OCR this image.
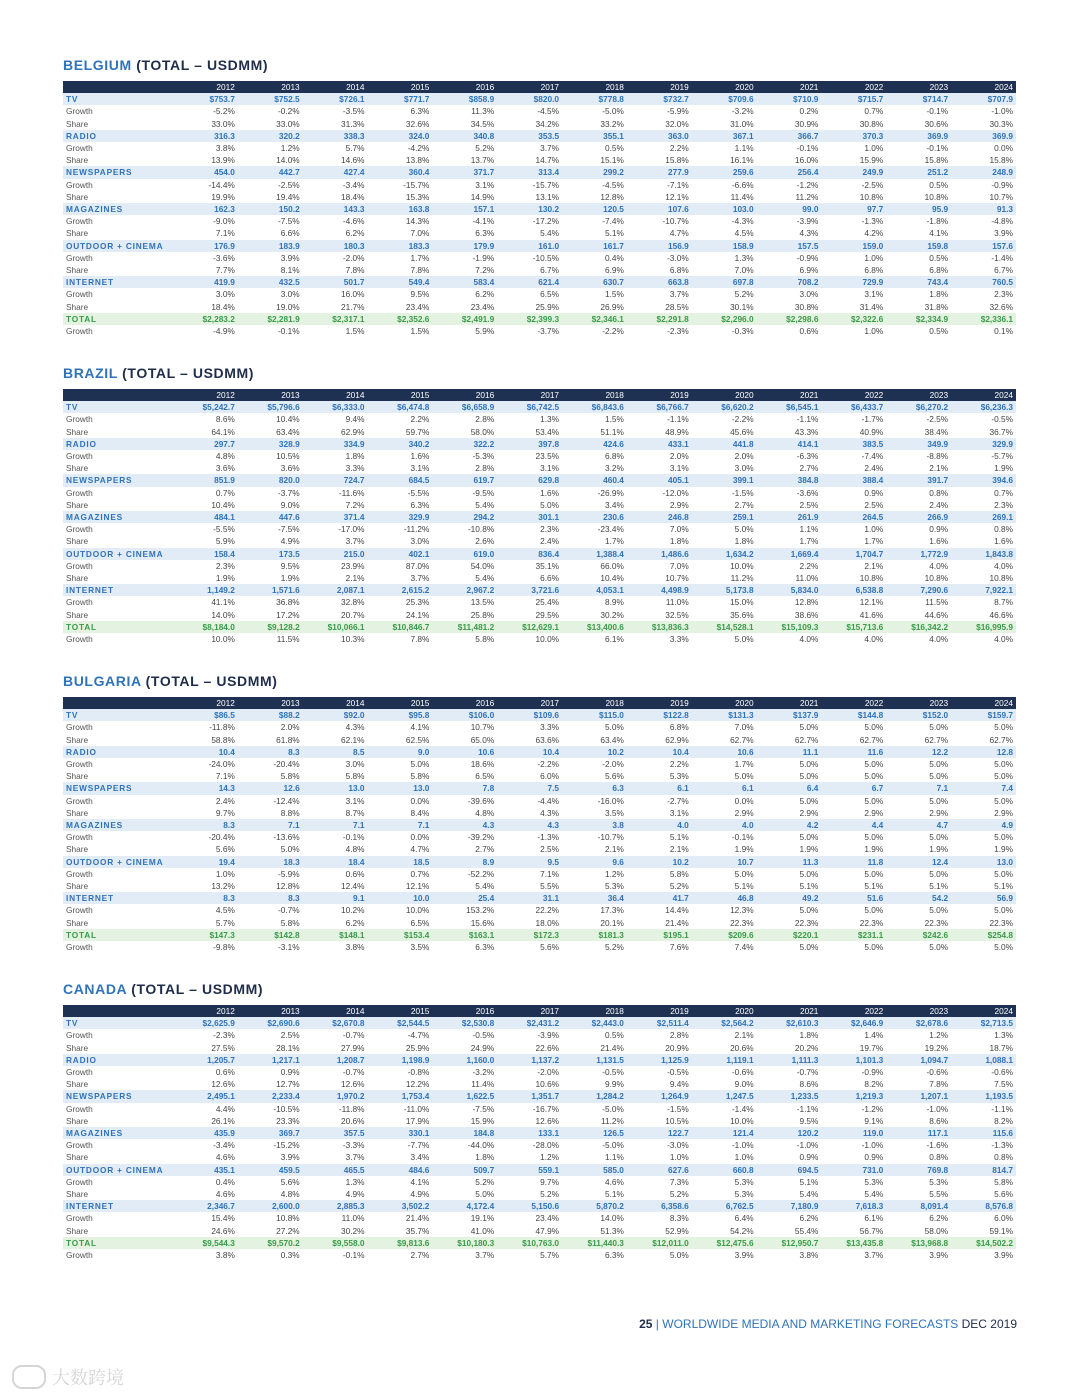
BELGIUM (TOTAL – USDMM)
	2012	2013	2014	2015	2016	2017	2018	2019	2020	2021	2022	2023	2024
TV	$753.7	$752.5	$726.1	$771.7	$858.9	$820.0	$778.8	$732.7	$709.6	$710.9	$715.7	$714.7	$707.9
Growth	-5.2%	-0.2%	-3.5%	6.3%	11.3%	-4.5%	-5.0%	-5.9%	-3.2%	0.2%	0.7%	-0.1%	-1.0%
Share	33.0%	33.0%	31.3%	32.6%	34.5%	34.2%	33.2%	32.0%	31.0%	30.9%	30.8%	30.6%	30.3%
RADIO	316.3	320.2	338.3	324.0	340.8	353.5	355.1	363.0	367.1	366.7	370.3	369.9	369.9
Growth	3.8%	1.2%	5.7%	-4.2%	5.2%	3.7%	0.5%	2.2%	1.1%	-0.1%	1.0%	-0.1%	0.0%
Share	13.9%	14.0%	14.6%	13.8%	13.7%	14.7%	15.1%	15.8%	16.1%	16.0%	15.9%	15.8%	15.8%
NEWSPAPERS	454.0	442.7	427.4	360.4	371.7	313.4	299.2	277.9	259.6	256.4	249.9	251.2	248.9
Growth	-14.4%	-2.5%	-3.4%	-15.7%	3.1%	-15.7%	-4.5%	-7.1%	-6.6%	-1.2%	-2.5%	0.5%	-0.9%
Share	19.9%	19.4%	18.4%	15.3%	14.9%	13.1%	12.8%	12.1%	11.4%	11.2%	10.8%	10.8%	10.7%
MAGAZINES	162.3	150.2	143.3	163.8	157.1	130.2	120.5	107.6	103.0	99.0	97.7	95.9	91.3
Growth	-9.0%	-7.5%	-4.6%	14.3%	-4.1%	-17.2%	-7.4%	-10.7%	-4.3%	-3.9%	-1.3%	-1.8%	-4.8%
Share	7.1%	6.6%	6.2%	7.0%	6.3%	5.4%	5.1%	4.7%	4.5%	4.3%	4.2%	4.1%	3.9%
OUTDOOR + CINEMA	176.9	183.9	180.3	183.3	179.9	161.0	161.7	156.9	158.9	157.5	159.0	159.8	157.6
Growth	-3.6%	3.9%	-2.0%	1.7%	-1.9%	-10.5%	0.4%	-3.0%	1.3%	-0.9%	1.0%	0.5%	-1.4%
Share	7.7%	8.1%	7.8%	7.8%	7.2%	6.7%	6.9%	6.8%	7.0%	6.9%	6.8%	6.8%	6.7%
INTERNET	419.9	432.5	501.7	549.4	583.4	621.4	630.7	663.8	697.8	708.2	729.9	743.4	760.5
Growth	3.0%	3.0%	16.0%	9.5%	6.2%	6.5%	1.5%	3.7%	5.2%	3.0%	3.1%	1.8%	2.3%
Share	18.4%	19.0%	21.7%	23.4%	23.4%	25.9%	26.9%	28.5%	30.1%	30.8%	31.4%	31.8%	32.6%
TOTAL	$2,283.2	$2,281.9	$2,317.1	$2,352.6	$2,491.9	$2,399.3	$2,346.1	$2,291.8	$2,296.0	$2,298.6	$2,322.6	$2,334.9	$2,336.1
Growth	-4.9%	-0.1%	1.5%	1.5%	5.9%	-3.7%	-2.2%	-2.3%	-0.3%	0.6%	1.0%	0.5%	0.1%
BRAZIL (TOTAL – USDMM)
	2012	2013	2014	2015	2016	2017	2018	2019	2020	2021	2022	2023	2024
TV	$5,242.7	$5,796.6	$6,333.0	$6,474.8	$6,658.9	$6,742.5	$6,843.6	$6,766.7	$6,620.2	$6,545.1	$6,433.7	$6,270.2	$6,236.3
Growth	8.6%	10.4%	9.4%	2.2%	2.8%	1.3%	1.5%	-1.1%	-2.2%	-1.1%	-1.7%	-2.5%	-0.5%
Share	64.1%	63.4%	62.9%	59.7%	58.0%	53.4%	51.1%	48.9%	45.6%	43.3%	40.9%	38.4%	36.7%
RADIO	297.7	328.9	334.9	340.2	322.2	397.8	424.6	433.1	441.8	414.1	383.5	349.9	329.9
Growth	4.8%	10.5%	1.8%	1.6%	-5.3%	23.5%	6.8%	2.0%	2.0%	-6.3%	-7.4%	-8.8%	-5.7%
Share	3.6%	3.6%	3.3%	3.1%	2.8%	3.1%	3.2%	3.1%	3.0%	2.7%	2.4%	2.1%	1.9%
NEWSPAPERS	851.9	820.0	724.7	684.5	619.7	629.8	460.4	405.1	399.1	384.8	388.4	391.7	394.6
Growth	0.7%	-3.7%	-11.6%	-5.5%	-9.5%	1.6%	-26.9%	-12.0%	-1.5%	-3.6%	0.9%	0.8%	0.7%
Share	10.4%	9.0%	7.2%	6.3%	5.4%	5.0%	3.4%	2.9%	2.7%	2.5%	2.5%	2.4%	2.3%
MAGAZINES	484.1	447.6	371.4	329.9	294.2	301.1	230.6	246.8	259.1	261.9	264.5	266.9	269.1
Growth	-5.5%	-7.5%	-17.0%	-11.2%	-10.8%	2.3%	-23.4%	7.0%	5.0%	1.1%	1.0%	0.9%	0.8%
Share	5.9%	4.9%	3.7%	3.0%	2.6%	2.4%	1.7%	1.8%	1.8%	1.7%	1.7%	1.6%	1.6%
OUTDOOR + CINEMA	158.4	173.5	215.0	402.1	619.0	836.4	1,388.4	1,486.6	1,634.2	1,669.4	1,704.7	1,772.9	1,843.8
Growth	2.3%	9.5%	23.9%	87.0%	54.0%	35.1%	66.0%	7.0%	10.0%	2.2%	2.1%	4.0%	4.0%
Share	1.9%	1.9%	2.1%	3.7%	5.4%	6.6%	10.4%	10.7%	11.2%	11.0%	10.8%	10.8%	10.8%
INTERNET	1,149.2	1,571.6	2,087.1	2,615.2	2,967.2	3,721.6	4,053.1	4,498.9	5,173.8	5,834.0	6,538.8	7,290.6	7,922.1
Growth	41.1%	36.8%	32.8%	25.3%	13.5%	25.4%	8.9%	11.0%	15.0%	12.8%	12.1%	11.5%	8.7%
Share	14.0%	17.2%	20.7%	24.1%	25.8%	29.5%	30.2%	32.5%	35.6%	38.6%	41.6%	44.6%	46.6%
TOTAL	$8,184.0	$9,128.2	$10,066.1	$10,846.7	$11,481.2	$12,629.1	$13,400.6	$13,836.3	$14,528.1	$15,109.3	$15,713.6	$16,342.2	$16,995.9
Growth	10.0%	11.5%	10.3%	7.8%	5.8%	10.0%	6.1%	3.3%	5.0%	4.0%	4.0%	4.0%	4.0%
BULGARIA (TOTAL – USDMM)
	2012	2013	2014	2015	2016	2017	2018	2019	2020	2021	2022	2023	2024
TV	$86.5	$88.2	$92.0	$95.8	$106.0	$109.6	$115.0	$122.8	$131.3	$137.9	$144.8	$152.0	$159.7
Growth	-11.8%	2.0%	4.3%	4.1%	10.7%	3.3%	5.0%	6.8%	7.0%	5.0%	5.0%	5.0%	5.0%
Share	58.8%	61.8%	62.1%	62.5%	65.0%	63.6%	63.4%	62.9%	62.7%	62.7%	62.7%	62.7%	62.7%
RADIO	10.4	8.3	8.5	9.0	10.6	10.4	10.2	10.4	10.6	11.1	11.6	12.2	12.8
Growth	-24.0%	-20.4%	3.0%	5.0%	18.6%	-2.2%	-2.0%	2.2%	1.7%	5.0%	5.0%	5.0%	5.0%
Share	7.1%	5.8%	5.8%	5.8%	6.5%	6.0%	5.6%	5.3%	5.0%	5.0%	5.0%	5.0%	5.0%
NEWSPAPERS	14.3	12.6	13.0	13.0	7.8	7.5	6.3	6.1	6.1	6.4	6.7	7.1	7.4
Growth	2.4%	-12.4%	3.1%	0.0%	-39.6%	-4.4%	-16.0%	-2.7%	0.0%	5.0%	5.0%	5.0%	5.0%
Share	9.7%	8.8%	8.7%	8.4%	4.8%	4.3%	3.5%	3.1%	2.9%	2.9%	2.9%	2.9%	2.9%
MAGAZINES	8.3	7.1	7.1	7.1	4.3	4.3	3.8	4.0	4.0	4.2	4.4	4.7	4.9
Growth	-20.4%	-13.6%	-0.1%	0.0%	-39.2%	-1.3%	-10.7%	5.1%	-0.1%	5.0%	5.0%	5.0%	5.0%
Share	5.6%	5.0%	4.8%	4.7%	2.7%	2.5%	2.1%	2.1%	1.9%	1.9%	1.9%	1.9%	1.9%
OUTDOOR + CINEMA	19.4	18.3	18.4	18.5	8.9	9.5	9.6	10.2	10.7	11.3	11.8	12.4	13.0
Growth	1.0%	-5.9%	0.6%	0.7%	-52.2%	7.1%	1.2%	5.8%	5.0%	5.0%	5.0%	5.0%	5.0%
Share	13.2%	12.8%	12.4%	12.1%	5.4%	5.5%	5.3%	5.2%	5.1%	5.1%	5.1%	5.1%	5.1%
INTERNET	8.3	8.3	9.1	10.0	25.4	31.1	36.4	41.7	46.8	49.2	51.6	54.2	56.9
Growth	4.5%	-0.7%	10.2%	10.0%	153.2%	22.2%	17.3%	14.4%	12.3%	5.0%	5.0%	5.0%	5.0%
Share	5.7%	5.8%	6.2%	6.5%	15.6%	18.0%	20.1%	21.4%	22.3%	22.3%	22.3%	22.3%	22.3%
TOTAL	$147.3	$142.8	$148.1	$153.4	$163.1	$172.3	$181.3	$195.1	$209.6	$220.1	$231.1	$242.6	$254.8
Growth	-9.8%	-3.1%	3.8%	3.5%	6.3%	5.6%	5.2%	7.6%	7.4%	5.0%	5.0%	5.0%	5.0%
CANADA (TOTAL – USDMM)
	2012	2013	2014	2015	2016	2017	2018	2019	2020	2021	2022	2023	2024
TV	$2,625.9	$2,690.6	$2,670.8	$2,544.5	$2,530.8	$2,431.2	$2,443.0	$2,511.4	$2,564.2	$2,610.3	$2,646.9	$2,678.6	$2,713.5
Growth	-2.3%	2.5%	-0.7%	-4.7%	-0.5%	-3.9%	0.5%	2.8%	2.1%	1.8%	1.4%	1.2%	1.3%
Share	27.5%	28.1%	27.9%	25.9%	24.9%	22.6%	21.4%	20.9%	20.6%	20.2%	19.7%	19.2%	18.7%
RADIO	1,205.7	1,217.1	1,208.7	1,198.9	1,160.0	1,137.2	1,131.5	1,125.9	1,119.1	1,111.3	1,101.3	1,094.7	1,088.1
Growth	0.6%	0.9%	-0.7%	-0.8%	-3.2%	-2.0%	-0.5%	-0.5%	-0.6%	-0.7%	-0.9%	-0.6%	-0.6%
Share	12.6%	12.7%	12.6%	12.2%	11.4%	10.6%	9.9%	9.4%	9.0%	8.6%	8.2%	7.8%	7.5%
NEWSPAPERS	2,495.1	2,233.4	1,970.2	1,753.4	1,622.5	1,351.7	1,284.2	1,264.9	1,247.5	1,233.5	1,219.3	1,207.1	1,193.5
Growth	4.4%	-10.5%	-11.8%	-11.0%	-7.5%	-16.7%	-5.0%	-1.5%	-1.4%	-1.1%	-1.2%	-1.0%	-1.1%
Share	26.1%	23.3%	20.6%	17.9%	15.9%	12.6%	11.2%	10.5%	10.0%	9.5%	9.1%	8.6%	8.2%
MAGAZINES	435.9	369.7	357.5	330.1	184.8	133.1	126.5	122.7	121.4	120.2	119.0	117.1	115.6
Growth	-3.4%	-15.2%	-3.3%	-7.7%	-44.0%	-28.0%	-5.0%	-3.0%	-1.0%	-1.0%	-1.0%	-1.6%	-1.3%
Share	4.6%	3.9%	3.7%	3.4%	1.8%	1.2%	1.1%	1.0%	1.0%	0.9%	0.9%	0.8%	0.8%
OUTDOOR + CINEMA	435.1	459.5	465.5	484.6	509.7	559.1	585.0	627.6	660.8	694.5	731.0	769.8	814.7
Growth	0.4%	5.6%	1.3%	4.1%	5.2%	9.7%	4.6%	7.3%	5.3%	5.1%	5.3%	5.3%	5.8%
Share	4.6%	4.8%	4.9%	4.9%	5.0%	5.2%	5.1%	5.2%	5.3%	5.4%	5.4%	5.5%	5.6%
INTERNET	2,346.7	2,600.0	2,885.3	3,502.2	4,172.4	5,150.6	5,870.2	6,358.6	6,762.5	7,180.9	7,618.3	8,091.4	8,576.8
Growth	15.4%	10.8%	11.0%	21.4%	19.1%	23.4%	14.0%	8.3%	6.4%	6.2%	6.1%	6.2%	6.0%
Share	24.6%	27.2%	30.2%	35.7%	41.0%	47.9%	51.3%	52.9%	54.2%	55.4%	56.7%	58.0%	59.1%
TOTAL	$9,544.3	$9,570.2	$9,558.0	$9,813.6	$10,180.3	$10,763.0	$11,440.3	$12,011.0	$12,475.6	$12,950.7	$13,435.8	$13,968.8	$14,502.2
Growth	3.8%	0.3%	-0.1%	2.7%	3.7%	5.7%	6.3%	5.0%	3.9%	3.8%	3.7%	3.9%	3.9%
25 | WORLDWIDE MEDIA AND MARKETING FORECASTS DEC 2019
大数跨境
